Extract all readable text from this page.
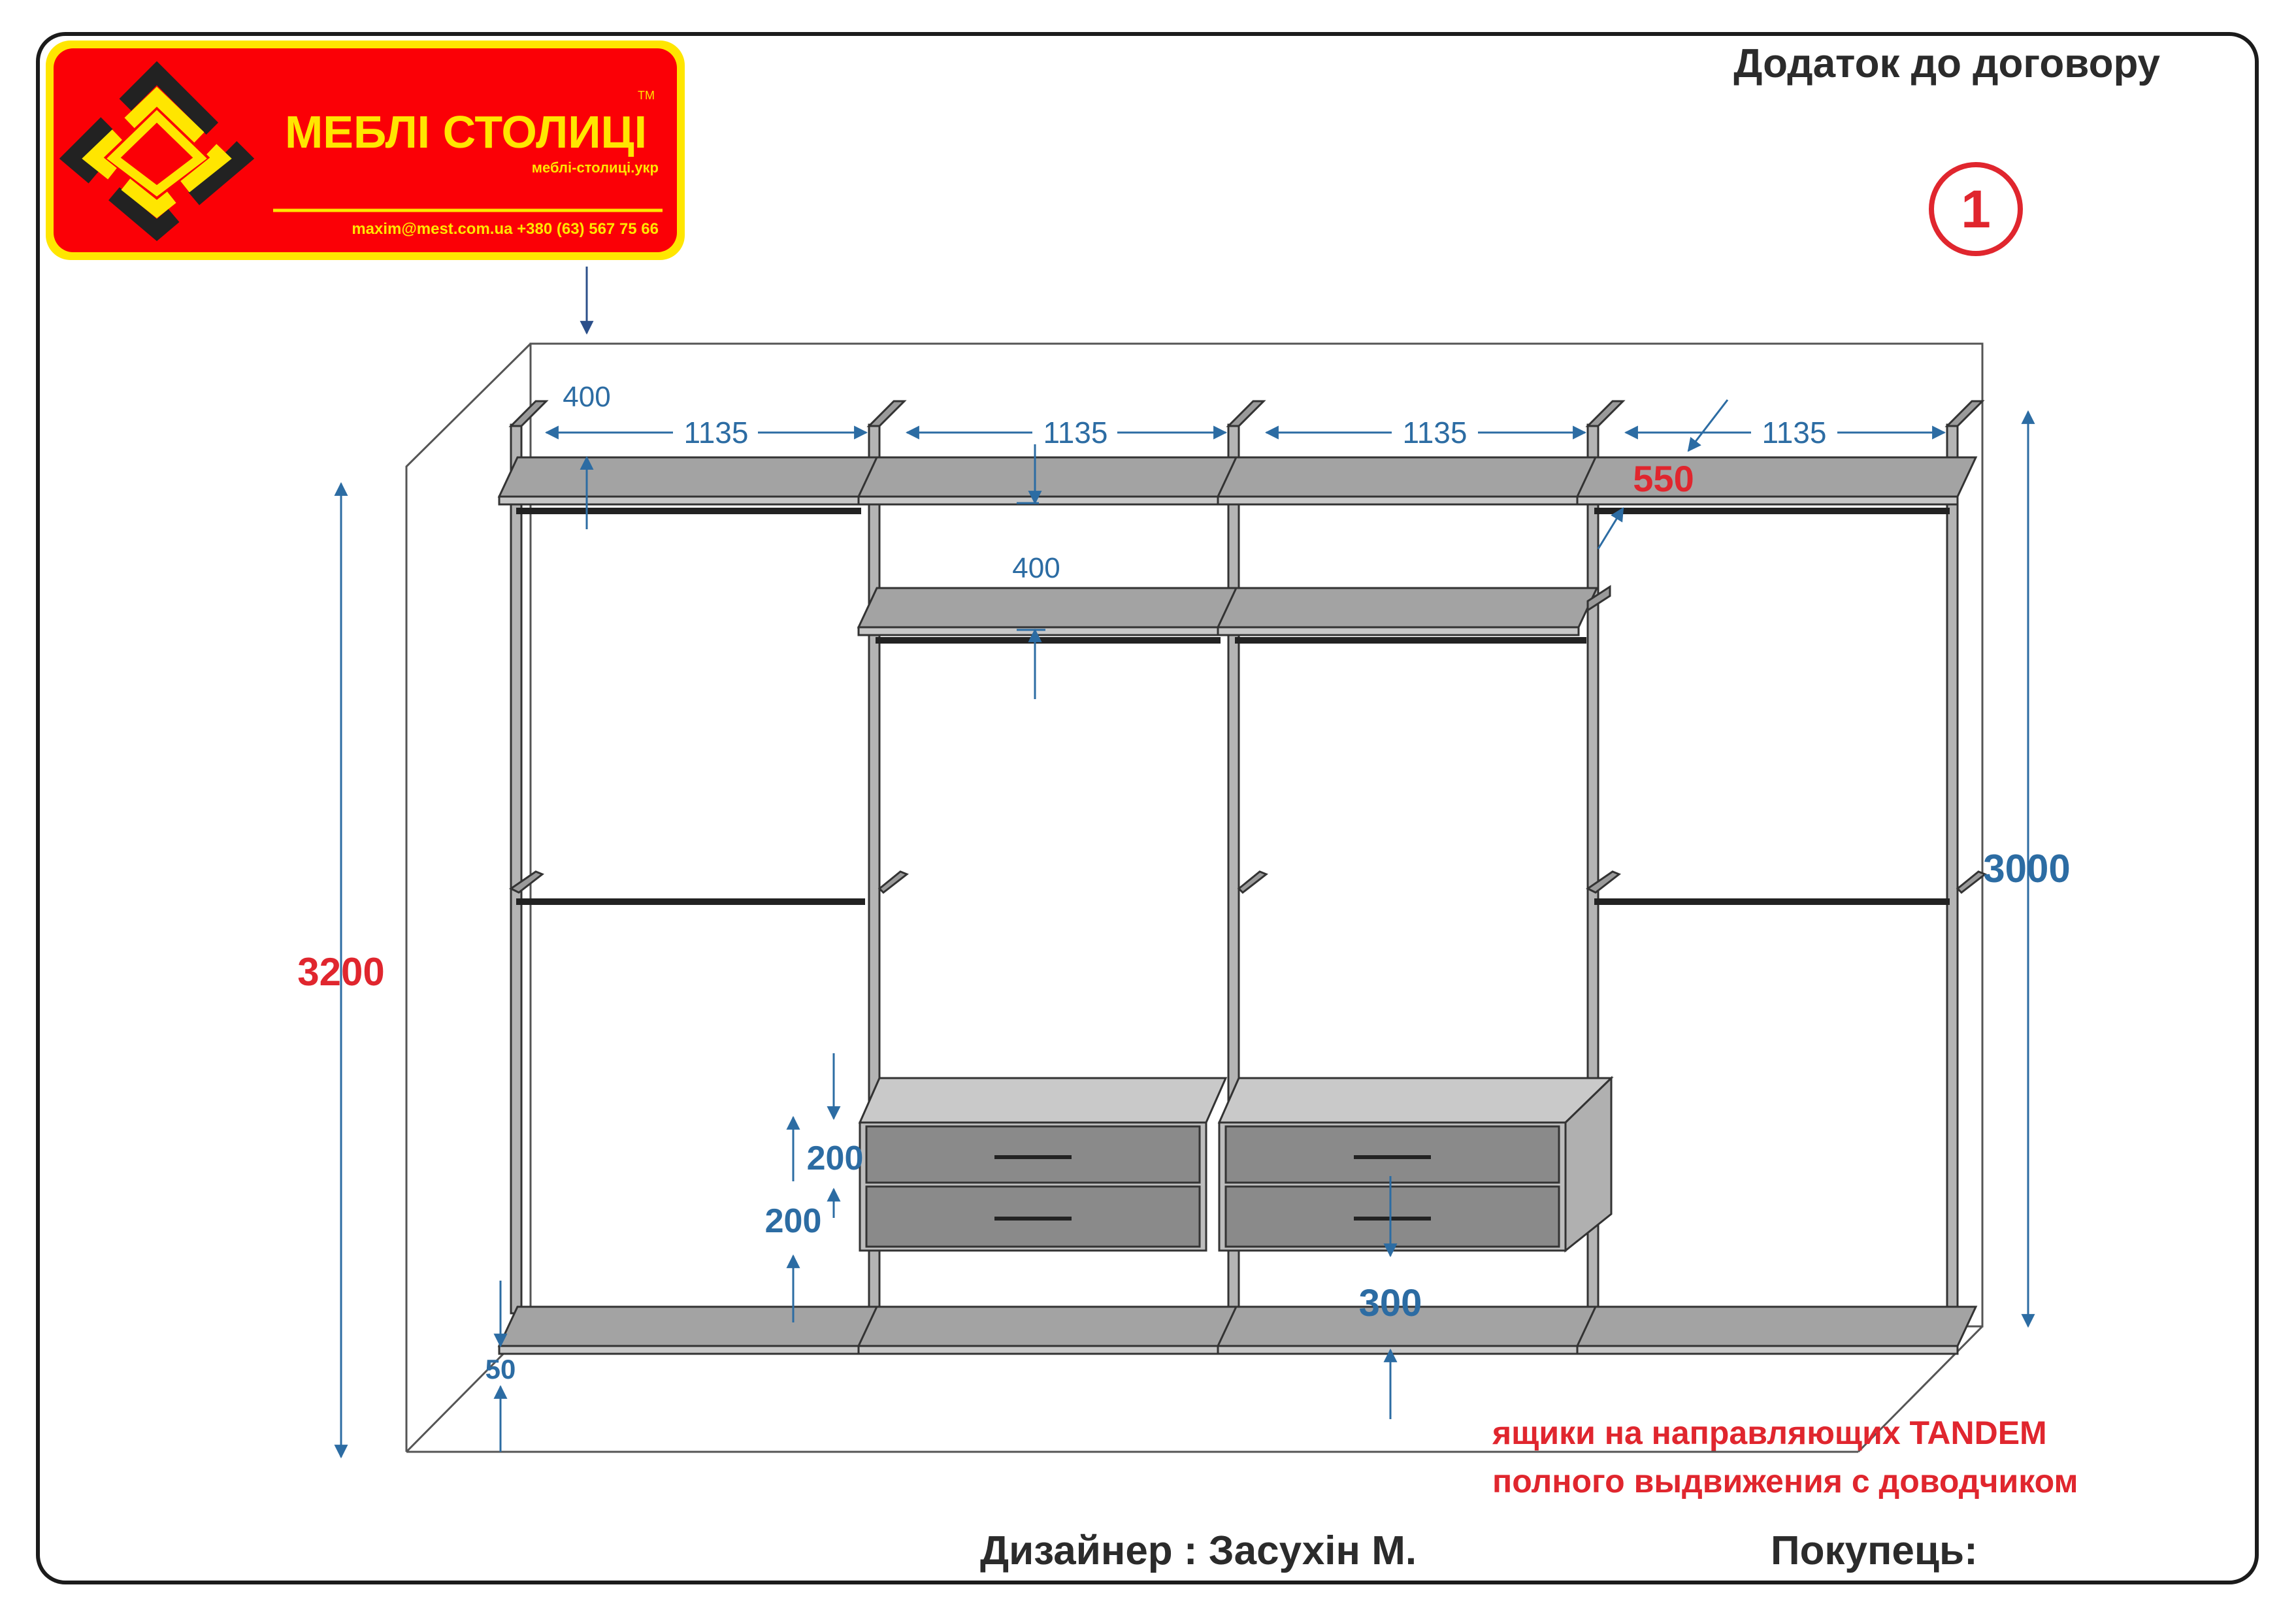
TM
МЕБЛІ СТОЛИЦІ
меблі-столиці.укр
maxim@mest.com.ua +380 (63) 567 75 66
Додаток до договору
1
400
1135	1135	1135	1135
550
400
3200
3000
200
200
300
50
ящики на направляющих TANDEM
полного выдвижения с доводчиком
Дизайнер : Засухін М.	Покупець:
